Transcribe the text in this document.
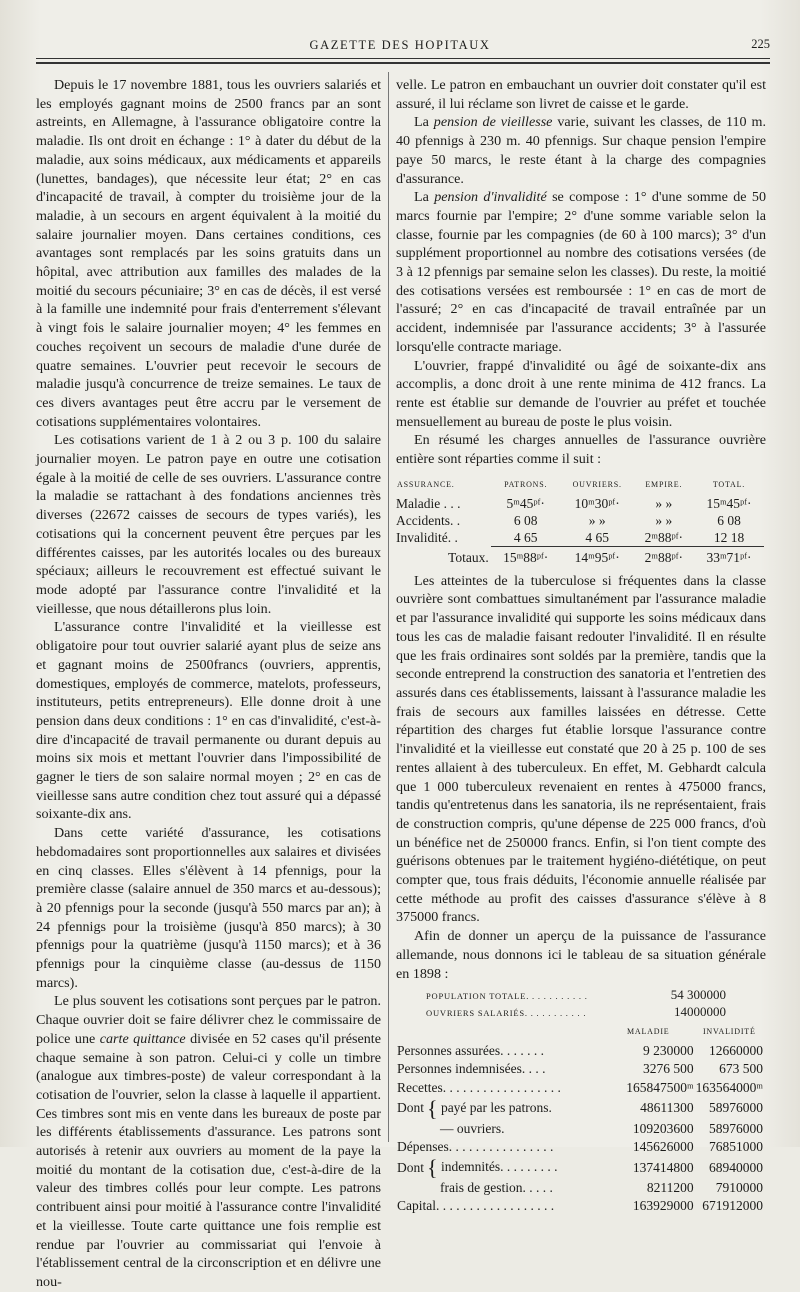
GAZETTE DES HOPITAUX	225

Depuis le 17 novembre 1881, tous les ouvriers salariés et les employés gagnant moins de 2500 francs par an sont astreints, en Allemagne, à l'assurance obligatoire contre la maladie. Ils ont droit en échange : 1° à dater du début de la maladie, aux soins médicaux, aux médicaments et appareils (lunettes, bandages), que nécessite leur état; 2° en cas d'incapacité de travail, à compter du troisième jour de la maladie, à un secours en argent équivalent à la moitié du salaire journalier moyen. Dans certaines conditions, ces avantages sont remplacés par les soins gratuits dans un hôpital, avec attribution aux familles des malades de la moitié du secours pécuniaire; 3° en cas de décès, il est versé à la famille une indemnité pour frais d'enterrement s'élevant à vingt fois le salaire journalier moyen; 4° les femmes en couches reçoivent un secours de maladie d'une durée de quatre semaines. L'ouvrier peut recevoir le secours de maladie jusqu'à concurrence de treize semaines. Le taux de ces divers avantages peut être accru par le versement de cotisations supplémentaires volontaires.

Les cotisations varient de 1 à 2 ou 3 p. 100 du salaire journalier moyen. Le patron paye en outre une cotisation égale à la moitié de celle de ses ouvriers. L'assurance contre la maladie se rattachant à des fondations anciennes très diverses (22672 caisses de secours de types variés), les cotisations qui la concernent peuvent être perçues par les différentes caisses, par les autorités locales ou des bureaux spéciaux; ailleurs le recouvrement est effectué suivant le mode adopté par l'assurance contre l'invalidité et la vieillesse, que nous détaillerons plus loin.

L'assurance contre l'invalidité et la vieillesse est obligatoire pour tout ouvrier salarié ayant plus de seize ans et gagnant moins de 2500francs (ouvriers, apprentis, domestiques, employés de commerce, matelots, professeurs, instituteurs, petits entrepreneurs). Elle donne droit à une pension dans deux conditions : 1° en cas d'invalidité, c'est-à-dire d'incapacité de travail permanente ou durant depuis au moins six mois et mettant l'ouvrier dans l'impossibilité de gagner le tiers de son salaire normal moyen ; 2° en cas de vieillesse sans autre condition chez tout assuré qui a dépassé soixante-dix ans.

Dans cette variété d'assurance, les cotisations hebdomadaires sont proportionnelles aux salaires et divisées en cinq classes. Elles s'élèvent à 14 pfennigs, pour la première classe (salaire annuel de 350 marcs et au-dessous); à 20 pfennigs pour la seconde (jusqu'à 550 marcs par an); à 24 pfennigs pour la troisième (jusqu'à 850 marcs); à 30 pfennigs pour la quatrième (jusqu'à 1150 marcs); et à 36 pfennigs pour la cinquième classe (au-dessus de 1150 marcs).

Le plus souvent les cotisations sont perçues par le patron. Chaque ouvrier doit se faire délivrer chez le commissaire de police une carte quittance divisée en 52 cases qu'il présente chaque semaine à son patron. Celui-ci y colle un timbre (analogue aux timbres-poste) de valeur correspondant à la cotisation de l'ouvrier, selon la classe à laquelle il appartient. Ces timbres sont mis en vente dans les bureaux de poste par les différents établissements d'assurance. Les patrons sont autorisés à retenir aux ouvriers au moment de la paye la moitié du montant de la cotisation due, c'est-à-dire de la valeur des timbres collés pour leur compte. Les patrons contribuent ainsi pour moitié à l'assurance contre l'invalidité et la vieillesse. Toute carte quittance une fois remplie est rendue par l'ouvrier au commissariat qui l'envoie à l'établissement central de la circonscription et en délivre une nou-

velle. Le patron en embauchant un ouvrier doit constater qu'il est assuré, il lui réclame son livret de caisse et le garde.

La pension de vieillesse varie, suivant les classes, de 110 m. 40 pfennigs à 230 m. 40 pfennigs. Sur chaque pension l'empire paye 50 marcs, le reste étant à la charge des compagnies d'assurance.

La pension d'invalidité se compose : 1° d'une somme de 50 marcs fournie par l'empire; 2° d'une somme variable selon la classe, fournie par les compagnies (de 60 à 100 marcs); 3° d'un supplément proportionnel au nombre des cotisations versées (de 3 à 12 pfennigs par semaine selon les classes). Du reste, la moitié des cotisations versées est remboursée : 1° en cas de mort de l'assuré; 2° en cas d'incapacité de travail entraînée par un accident, indemnisée par l'assurance accidents; 3° à l'assurée lorsqu'elle contracte mariage.

L'ouvrier, frappé d'invalidité ou âgé de soixante-dix ans accomplis, a donc droit à une rente minima de 412 francs. La rente est établie sur demande de l'ouvrier au préfet et touchée mensuellement au bureau de poste le plus voisin.

En résumé les charges annuelles de l'assurance ouvrière entière sont réparties comme il suit :

ASSURANCE.	PATRONS.	OUVRIERS.	EMPIRE.	TOTAL.
Maladie . . .	5ᵐ45ᵖᶠ·	10ᵐ30ᵖᶠ·	» »	15ᵐ45ᵖᶠ·
Accidents. .	6 08	» »	» »	6 08
Invalidité. .	4 65	4 65	2ᵐ88ᵖᶠ·	12 18
Totaux.	15ᵐ88ᵖᶠ·	14ᵐ95ᵖᶠ·	2ᵐ88ᵖᶠ·	33ᵐ71ᵖᶠ·

Les atteintes de la tuberculose si fréquentes dans la classe ouvrière sont combattues simultanément par l'assurance maladie et par l'assurance invalidité qui supporte les soins médicaux dans tous les cas de maladie faisant redouter l'invalidité. Il en résulte que les frais ordinaires sont soldés par la première, tandis que la seconde entreprend la construction des sanatoria et l'entretien des assurés dans ces établissements, laissant à l'assurance maladie les frais de secours aux familles laissées en détresse. Cette répartition des charges fut établie lorsque l'assurance contre l'invalidité et la vieillesse eut constaté que 20 à 25 p. 100 de ses rentes allaient à des tuberculeux. En effet, M. Gebhardt calcula que 1 000 tuberculeux revenaient en rentes à 475000 francs, tandis qu'entretenus dans les sanatoria, ils ne représentaient, frais de construction compris, qu'une dépense de 225 000 francs, d'où un bénéfice net de 250000 francs. Enfin, si l'on tient compte des guérisons obtenues par le traitement hygiéno-diététique, on peut compter que, tous frais déduits, l'économie annuelle réalisée par cette méthode au profit des caisses d'assurance s'élève à 8 375000 francs.

Afin de donner un aperçu de la puissance de l'assurance allemande, nous donnons ici le tableau de sa situation générale en 1898 :

POPULATION TOTALE. . . . . . . . . . .	54 300000
OUVRIERS SALARIÉS. . . . . . . . . . .	14000000
	MALADIE	INVALIDITÉ
Personnes assurées. . . . . . .	9 230000	12660000
Personnes indemnisées. . . .	3276 500	673 500
Recettes. . . . . . . . . . . . . . . . . .	165847500ᵐ	163564000ᵐ
Dont { payé par les patrons.	48611300	58976000
— ouvriers.	109203600	58976000
Dépenses. . . . . . . . . . . . . . . .	145626000	76851000
Dont { indemnités. . . . . . . . .	137414800	68940000
frais de gestion. . . . .	8211200	7910000
Capital. . . . . . . . . . . . . . . . . .	163929000	671912000
